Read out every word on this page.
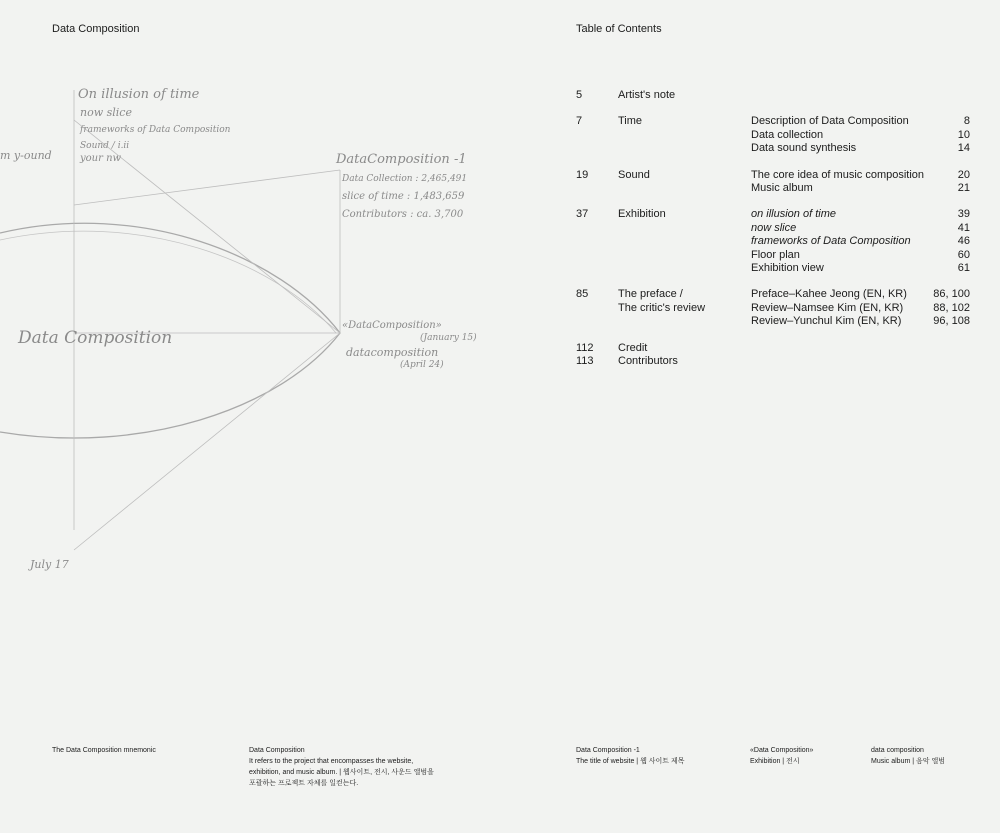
Data Composition	Table of Contents
Data Composition
m y-ound
On illusion of time
now slice
frameworks of Data Composition
Sound / i.ii
your nw	DataComposition -1
Data Collection : 2,465,491
slice of time : 1,483,659
Contributors : ca. 3,700
«DataComposition»
(January 15)
datacomposition
(April 24)
July 17
5	Artist's note
7	Time	Description of Data Composition	8
Data collection	10
Data sound synthesis	14
19	Sound	The core idea of music composition	20
Music album	21
37	Exhibition	on illusion of time	39
now slice	41
frameworks of Data Composition	46
Floor plan	60
Exhibition view	61
85	The preface /
The critic's review
Preface–Kahee Jeong (EN, KR) 86, 100
Review–Namsee Kim (EN, KR)	88, 102
Review–Yunchul Kim (EN, KR)	96, 108
112	Credit
113	Contributors
The Data Composition mnemonic	Data Composition
It refers to the project that encompasses the website,
exhibition, and music album. | 웹사이트, 전시, 사운드 앨범을
포괄하는 프로젝트 자체를 일컫는다.
Data Composition -1
The title of website | 웹 사이트 제목
«Data Composition»
Exhibition | 전시
data composition
Music album | 음악 앨범
